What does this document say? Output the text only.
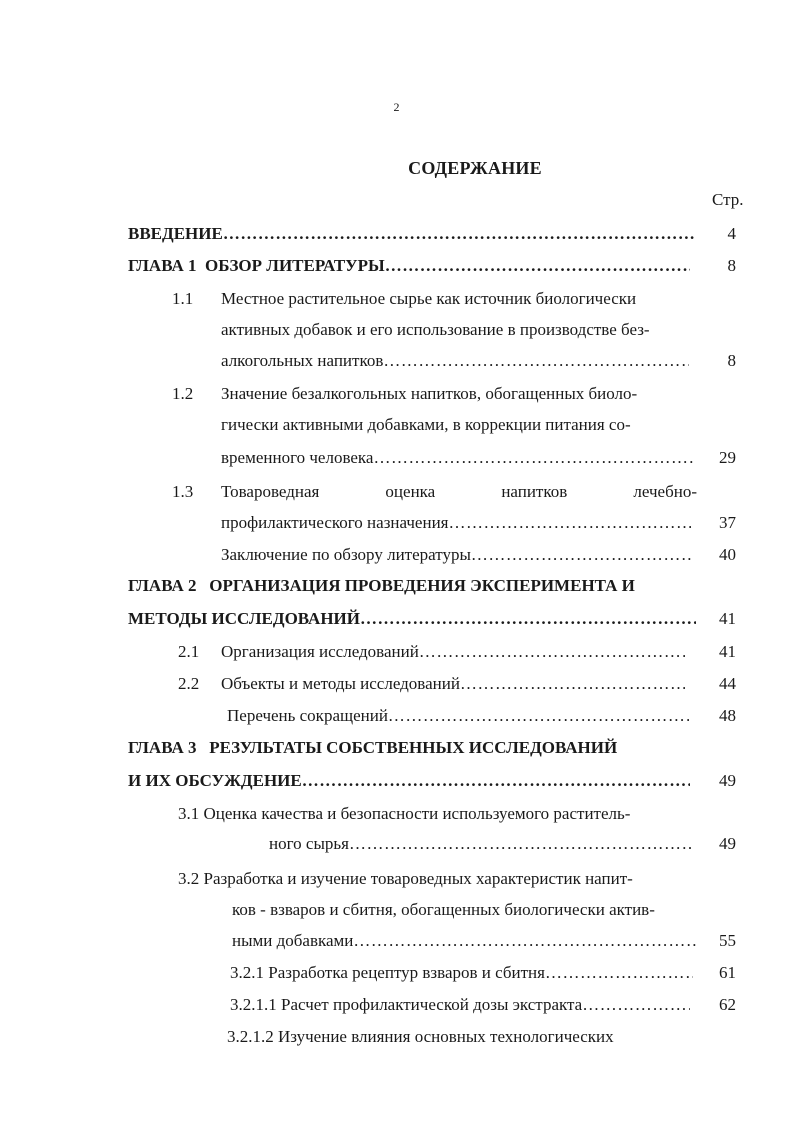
2
СОДЕРЖАНИЕ
Стр.
ВВЕДЕНИЕ ………………………………………………………………………………………………………………………………………………………………	4
ГЛАВА 1  ОБЗОР ЛИТЕРАТУРЫ ………………………………………………………………………………………………………………………………………………………………	8
1.1 Местное растительное сырье как источник биологически
активных добавок и его использование в производстве без-
алкогольных напитков ………………………………………………………………………………………………………………………………………………………………	8
1.2 Значение безалкогольных напитков, обогащенных биоло-
гически активными добавками, в коррекции питания со-
временного человека ………………………………………………………………………………………………………………………………………………………………	29
1.3 Товароведная	оценка	напитков	лечебно-
профилактического назначения ………………………………………………………………………………………………………………………………………………………………	37
Заключение по обзору литературы ………………………………………………………………………………………………………………………………………………………………	40
ГЛАВА 2   ОРГАНИЗАЦИЯ ПРОВЕДЕНИЯ ЭКСПЕРИМЕНТА И
МЕТОДЫ ИССЛЕДОВАНИЙ ………………………………………………………………………………………………………………………………………………………………	41
2.1 Организация исследований ………………………………………………………………………………………………………………………………………………………………	41
2.2 Объекты и методы исследований ………………………………………………………………………………………………………………………………………………………………	44
Перечень сокращений ………………………………………………………………………………………………………………………………………………………………	48
ГЛАВА 3   РЕЗУЛЬТАТЫ СОБСТВЕННЫХ ИССЛЕДОВАНИЙ
И ИХ ОБСУЖДЕНИЕ ………………………………………………………………………………………………………………………………………………………………	49
3.1 Оценка качества и безопасности используемого раститель-
ного сырья ………………………………………………………………………………………………………………………………………………………………	49
3.2 Разработка и изучение товароведных характеристик напит-
ков - взваров и сбитня, обогащенных биологически актив-
ными добавками ………………………………………………………………………………………………………………………………………………………………	55
3.2.1 Разработка рецептур взваров и сбитня ………………………………………………………………………………………………………………………………………………………………	61
3.2.1.1 Расчет профилактической дозы экстракта ………………………………………………………………………………………………………………………………………………………………	62
3.2.1.2 Изучение влияния основных технологических
